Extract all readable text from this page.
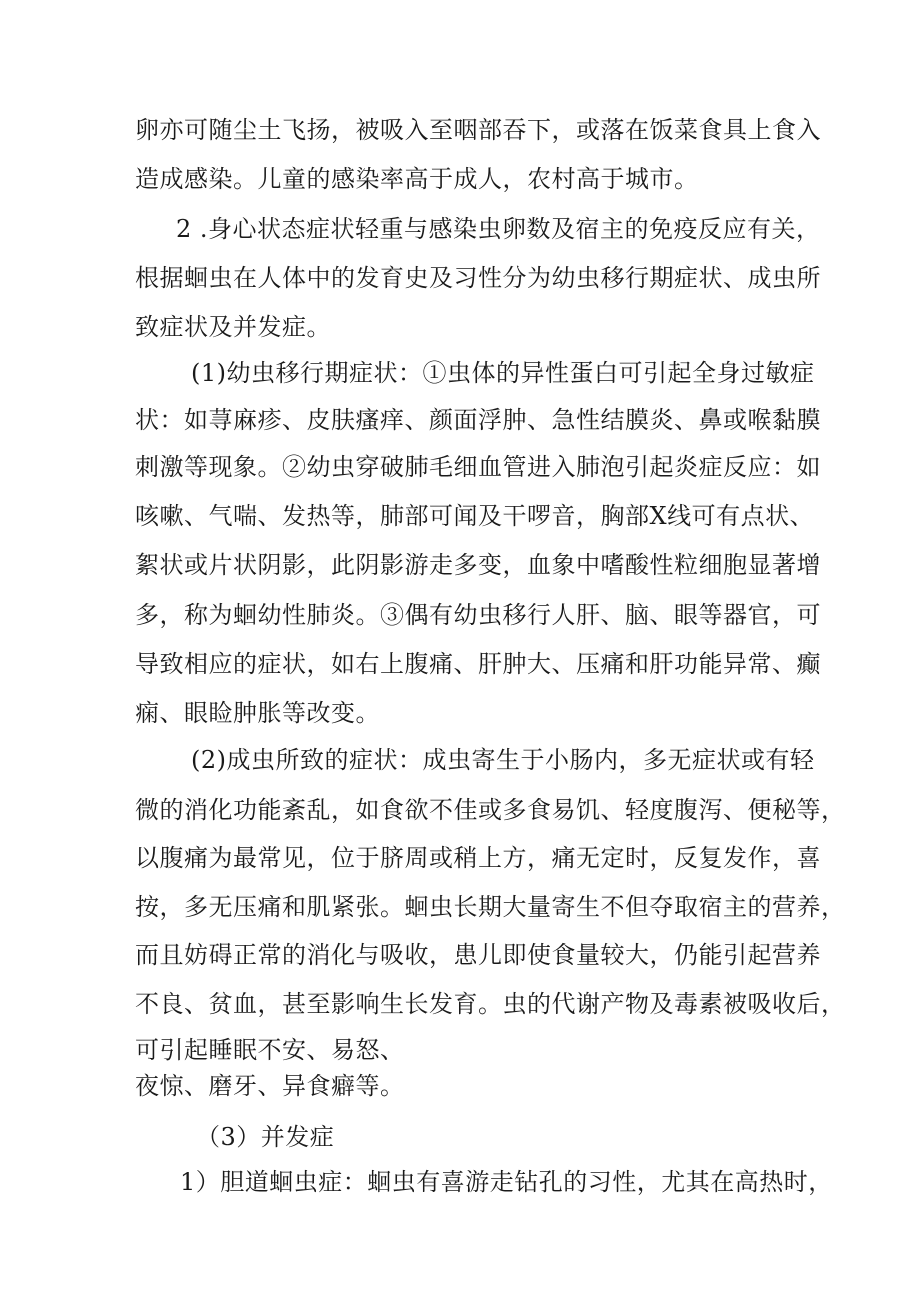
卵亦可随尘土飞扬，被吸入至咽部吞下，或落在饭菜食具上食入
造成感染。儿童的感染率高于成人，农村高于城市。
2 .身心状态症状轻重与感染虫卵数及宿主的免疫反应有关，
根据蛔虫在人体中的发育史及习性分为幼虫移行期症状、成虫所
致症状及并发症。
(1)幼虫移行期症状：①虫体的异性蛋白可引起全身过敏症
状：如荨麻疹、皮肤瘙痒、颜面浮肿、急性结膜炎、鼻或喉黏膜
刺激等现象。②幼虫穿破肺毛细血管进入肺泡引起炎症反应：如
咳嗽、气喘、发热等，肺部可闻及干啰音，胸部X线可有点状、
絮状或片状阴影，此阴影游走多变，血象中嗜酸性粒细胞显著增
多，称为蛔幼性肺炎。③偶有幼虫移行人肝、脑、眼等器官，可
导致相应的症状，如右上腹痛、肝肿大、压痛和肝功能异常、癫
痫、眼睑肿胀等改变。
(2)成虫所致的症状：成虫寄生于小肠内，多无症状或有轻
微的消化功能紊乱，如食欲不佳或多食易饥、轻度腹泻、便秘等，
以腹痛为最常见，位于脐周或稍上方，痛无定时，反复发作，喜
按，多无压痛和肌紧张。蛔虫长期大量寄生不但夺取宿主的营养，
而且妨碍正常的消化与吸收，患儿即使食量较大，仍能引起营养
不良、贫血，甚至影响生长发育。虫的代谢产物及毒素被吸收后，
可引起睡眠不安、易怒、
夜惊、磨牙、异食癖等。
（3）并发症
1）胆道蛔虫症：蛔虫有喜游走钻孔的习性，尤其在高热时，
